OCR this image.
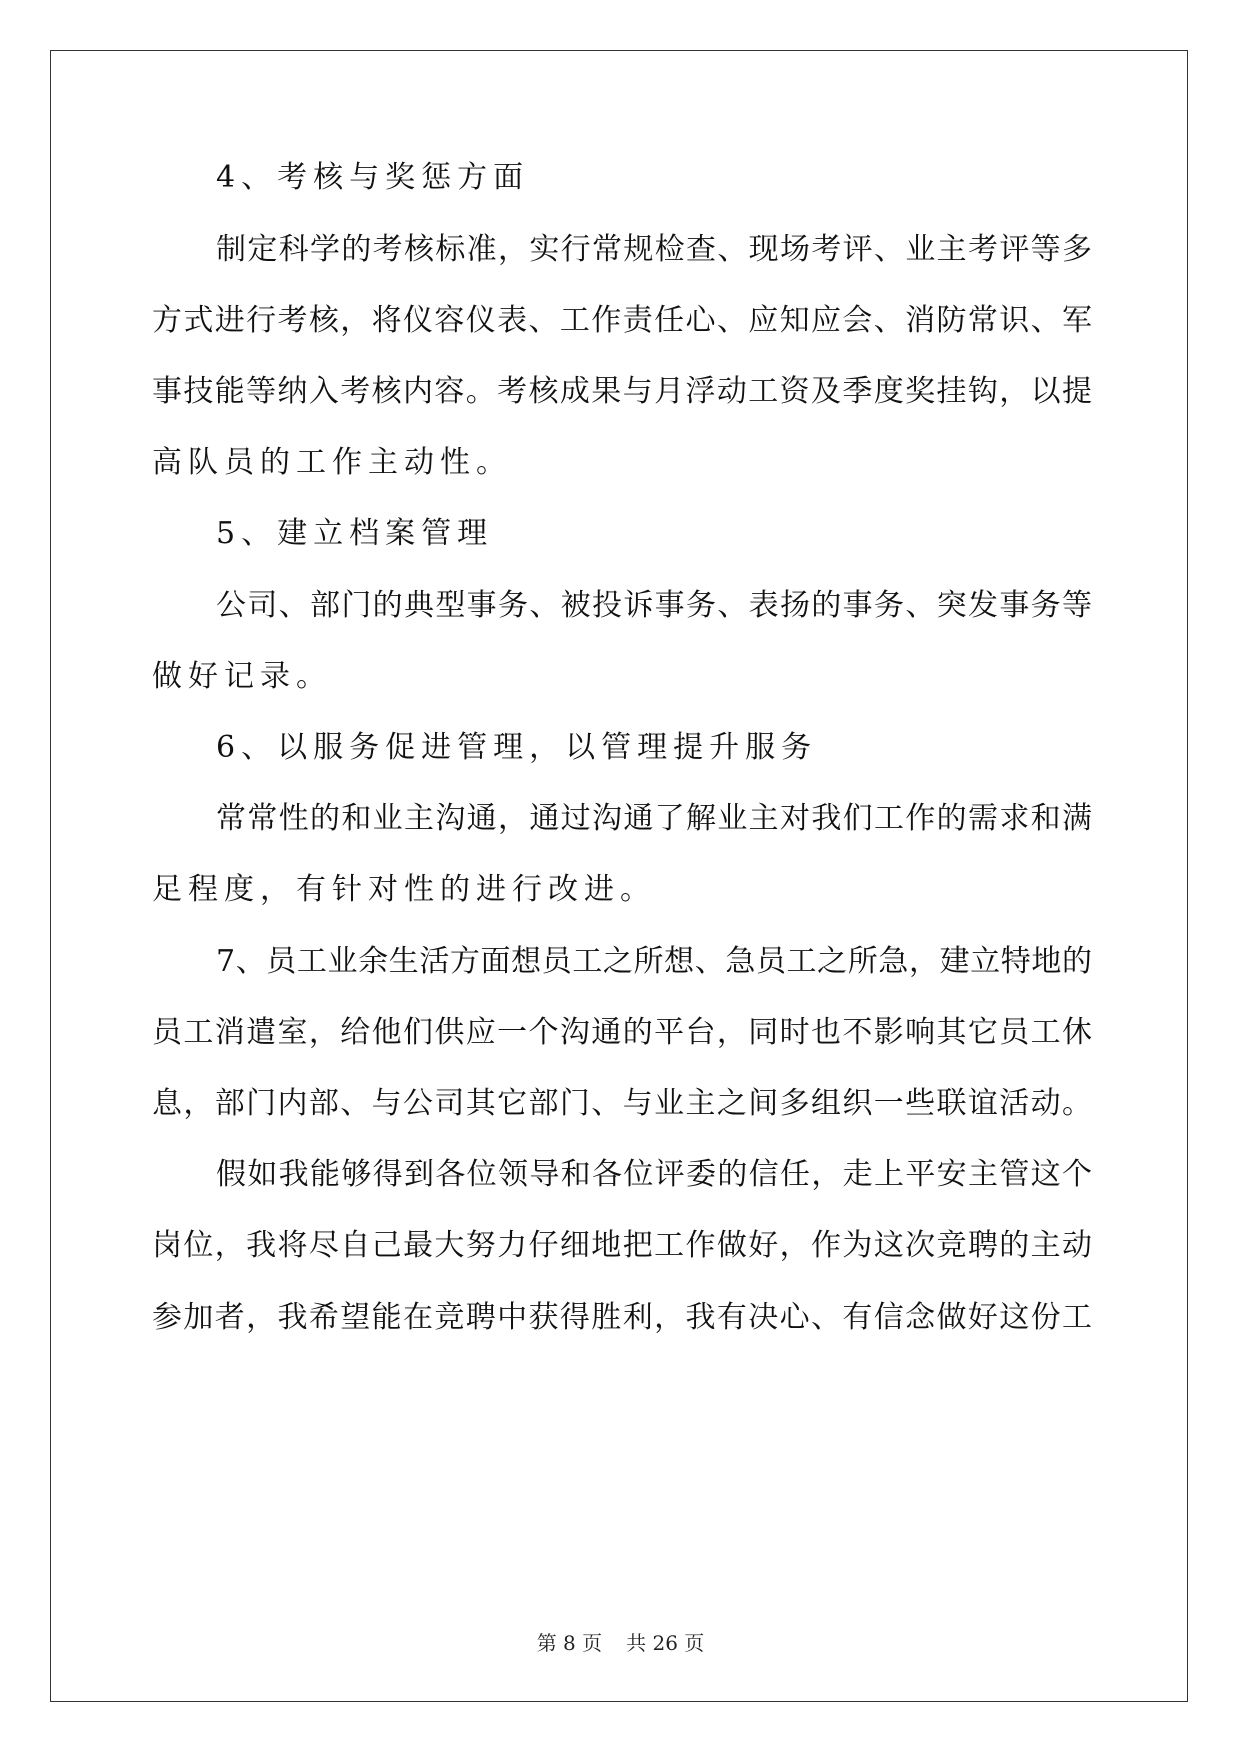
4、考核与奖惩方面
制定科学的考核标准，实行常规检查、现场考评、业主考评等多
方式进行考核，将仪容仪表、工作责任心、应知应会、消防常识、军
事技能等纳入考核内容。考核成果与月浮动工资及季度奖挂钩，以提
高队员的工作主动性。
5、建立档案管理
公司、部门的典型事务、被投诉事务、表扬的事务、突发事务等
做好记录。
6、以服务促进管理，以管理提升服务
常常性的和业主沟通，通过沟通了解业主对我们工作的需求和满
足程度，有针对性的进行改进。
7、员工业余生活方面想员工之所想、急员工之所急，建立特地的
员工消遣室，给他们供应一个沟通的平台，同时也不影响其它员工休
息，部门内部、与公司其它部门、与业主之间多组织一些联谊活动。
假如我能够得到各位领导和各位评委的信任，走上平安主管这个
岗位，我将尽自己最大努力仔细地把工作做好，作为这次竞聘的主动
参加者，我希望能在竞聘中获得胜利，我有决心、有信念做好这份工
第 8 页 共 26 页
